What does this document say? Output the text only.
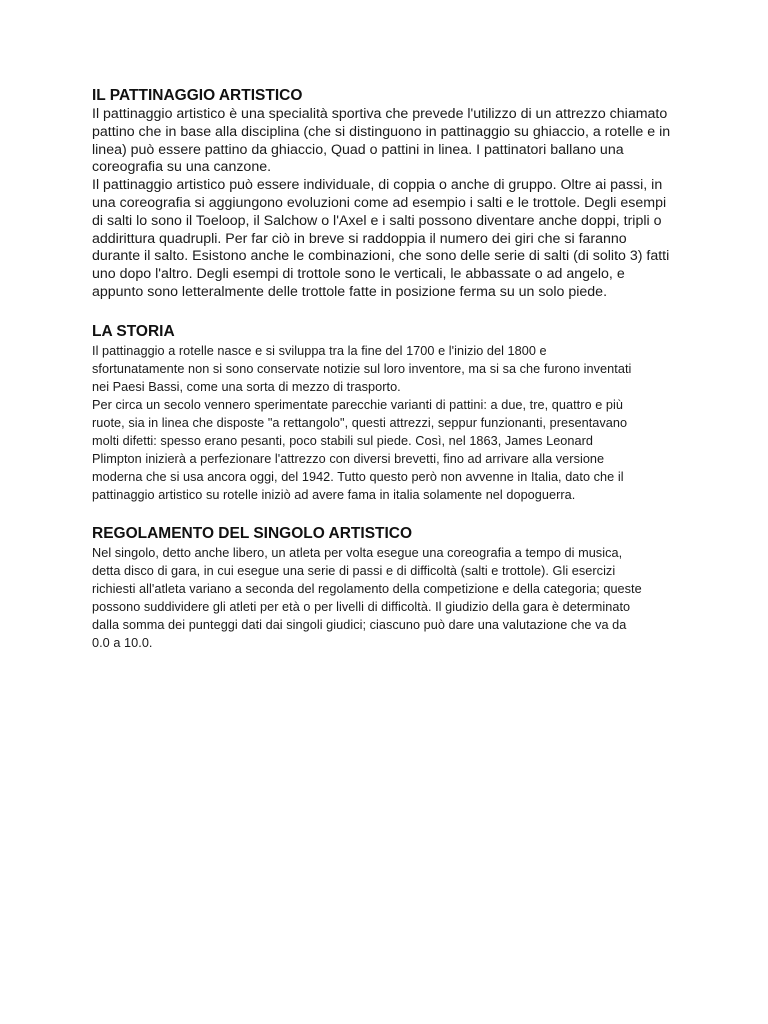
IL PATTINAGGIO ARTISTICO

Il pattinaggio artistico è una specialità sportiva che prevede l'utilizzo di un attrezzo chiamato
pattino che in base alla disciplina (che si distinguono in pattinaggio su ghiaccio, a rotelle e in
linea) può essere pattino da ghiaccio, Quad o pattini in linea. I pattinatori ballano una
coreografia su una canzone.

Il pattinaggio artistico può essere individuale, di coppia o anche di gruppo. Oltre ai passi, in
una coreografia si aggiungono evoluzioni come ad esempio i salti e le trottole. Degli esempi
di salti lo sono il Toeloop, il Salchow o l'Axel e i salti possono diventare anche doppi, tripli o
addirittura quadrupli. Per far ciò in breve si raddoppia il numero dei giri che si faranno
durante il salto. Esistono anche le combinazioni, che sono delle serie di salti (di solito 3) fatti
uno dopo l'altro. Degli esempi di trottole sono le verticali, le abbassate o ad angelo, e
appunto sono letteralmente delle trottole fatte in posizione ferma su un solo piede.

LA STORIA

Il pattinaggio a rotelle nasce e si sviluppa tra la fine del 1700 e l'inizio del 1800 e
sfortunatamente non si sono conservate notizie sul loro inventore, ma si sa che furono inventati
nei Paesi Bassi, come una sorta di mezzo di trasporto.

Per circa un secolo vennero sperimentate parecchie varianti di pattini: a due, tre, quattro e più
ruote, sia in linea che disposte "a rettangolo", questi attrezzi, seppur funzionanti, presentavano
molti difetti: spesso erano pesanti, poco stabili sul piede. Così, nel 1863, James Leonard
Plimpton inizierà a perfezionare l'attrezzo con diversi brevetti, fino ad arrivare alla versione
moderna che si usa ancora oggi, del 1942. Tutto questo però non avvenne in Italia, dato che il
pattinaggio artistico su rotelle iniziò ad avere fama in italia solamente nel dopoguerra.

REGOLAMENTO DEL SINGOLO ARTISTICO

Nel singolo, detto anche libero, un atleta per volta esegue una coreografia a tempo di musica,
detta disco di gara, in cui esegue una serie di passi e di difficoltà (salti e trottole). Gli esercizi
richiesti all'atleta variano a seconda del regolamento della competizione e della categoria; queste
possono suddividere gli atleti per età o per livelli di difficoltà. Il giudizio della gara è determinato
dalla somma dei punteggi dati dai singoli giudici; ciascuno può dare una valutazione che va da
0.0 a 10.0.
